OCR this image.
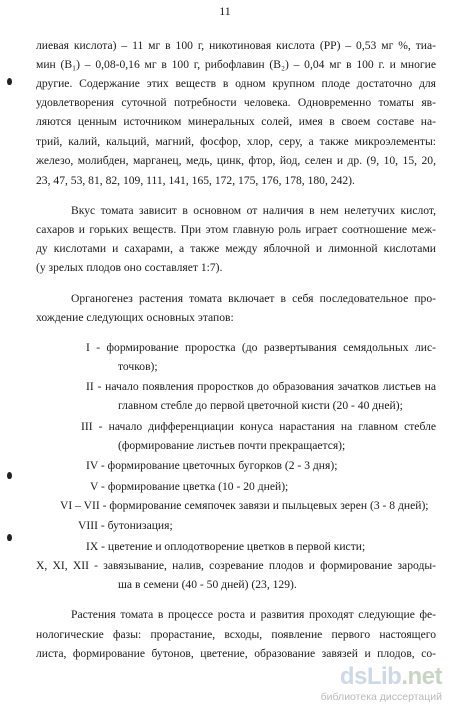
11
лиевая кислота) – 11 мг в 100 г, никотиновая кислота (РР) – 0,53 мг %, тиа-
мин (В₁) – 0,08-0,16 мг в 100 г, рибофлавин (В₂) – 0,04 мг в 100 г. и многие
другие. Содержание этих веществ в одном крупном плоде достаточно для
удовлетворения суточной потребности человека. Одновременно томаты яв-
ляются ценным источником минеральных солей, имея в своем составе на-
трий, калий, кальций, магний, фосфор, хлор, серу, а также микроэлементы:
железо, молибден, марганец, медь, цинк, фтор, йод, селен и др. (9, 10, 15, 20,
23, 47, 53, 81, 82, 109, 111, 141, 165, 172, 175, 176, 178, 180, 242).
Вкус томата зависит в основном от наличия в нем нелетучих кислот,
сахаров и горьких веществ. При этом главную роль играет соотношение меж-
ду кислотами и сахарами, а также между яблочной и лимонной кислотами
(у зрелых плодов оно составляет 1:7).
Органогенез растения томата включает в себя последовательное про-
хождение следующих основных этапов:
I - формирование проростка (до развертывания семядольных лис-
точков);
II - начало появления проростков до образования зачатков листьев на
главном стебле до первой цветочной кисти (20 - 40 дней);
III - начало дифференциации конуса нарастания на главном стебле
(формирование листьев почти прекращается);
IV - формирование цветочных бугорков (2 - 3 дня);
V - формирование цветка (10 - 20 дней);
VI – VII - формирование семяпочек завязи и пыльцевых зерен (3 - 8 дней);
VIII - бутонизация;
IX - цветение и оплодотворение цветков в первой кисти;
X, XI, XII - завязывание, налив, созревание плодов и формирование зароды-
ша в семени (40 - 50 дней) (23, 129).
Растения томата в процессе роста и развития проходят следующие фе-
нологические фазы: прорастание, всходы, появление первого настоящего
листа, формирование бутонов, цветение, образование завязей и плодов, со-
dsLib.net
библиотека диссертаций
